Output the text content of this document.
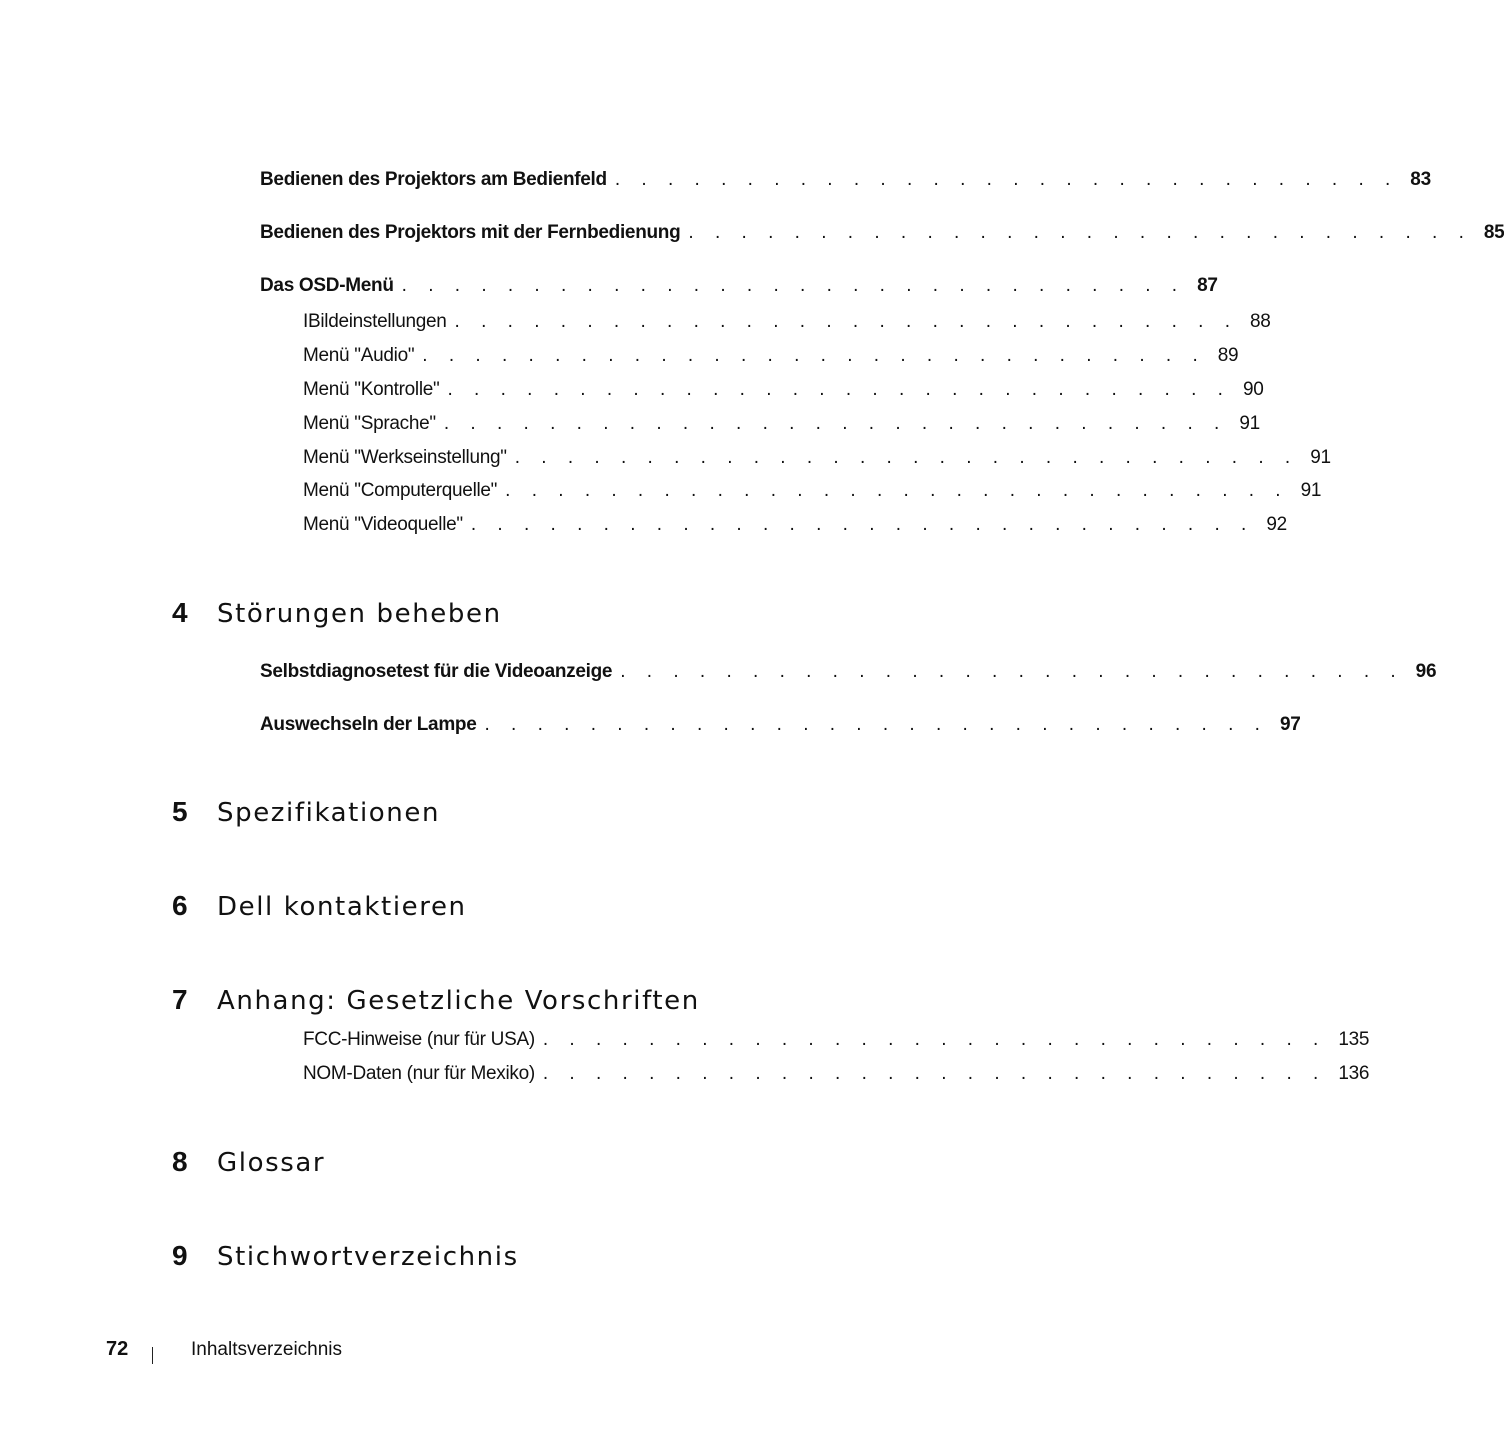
Bedienen des Projektors am Bedienfeld . . . . . . . . . . . . . . . . . . . . . . . . . . . . . . 83
Bedienen des Projektors mit der Fernbedienung . . . . . . . . . . . . . . . . . . . . . . . . . . . . . . 85
Das OSD-Menü . . . . . . . . . . . . . . . . . . . . . . . . . . . . . . 87
IBildeinstellungen . . . . . . . . . . . . . . . . . . . . . . . . . . . . . . 88
Menü "Audio" . . . . . . . . . . . . . . . . . . . . . . . . . . . . . . 89
Menü "Kontrolle" . . . . . . . . . . . . . . . . . . . . . . . . . . . . . . 90
Menü "Sprache" . . . . . . . . . . . . . . . . . . . . . . . . . . . . . . 91
Menü "Werkseinstellung" . . . . . . . . . . . . . . . . . . . . . . . . . . . . . . 91
Menü "Computerquelle" . . . . . . . . . . . . . . . . . . . . . . . . . . . . . . 91
Menü "Videoquelle" . . . . . . . . . . . . . . . . . . . . . . . . . . . . . . 92
4	Störungen beheben
Selbstdiagnosetest für die Videoanzeige . . . . . . . . . . . . . . . . . . . . . . . . . . . . . . 96
Auswechseln der Lampe . . . . . . . . . . . . . . . . . . . . . . . . . . . . . . 97
5	Spezifikationen
6	Dell kontaktieren
7	Anhang: Gesetzliche Vorschriften
FCC-Hinweise (nur für USA) . . . . . . . . . . . . . . . . . . . . . . . . . . . . . . 135
NOM-Daten (nur für Mexiko) . . . . . . . . . . . . . . . . . . . . . . . . . . . . . . 136
8	Glossar
9	Stichwortverzeichnis
72	Inhaltsverzeichnis
